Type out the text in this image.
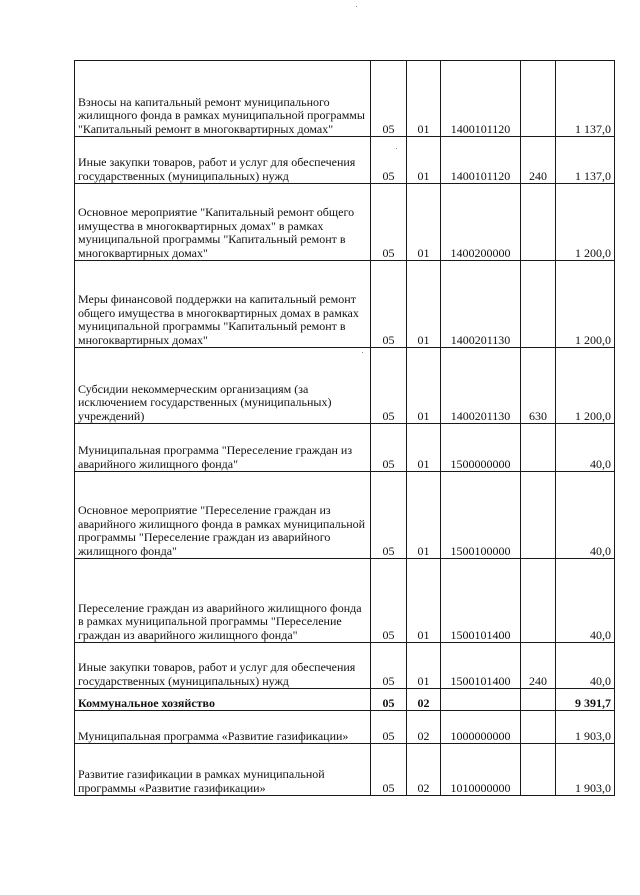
Взносы на капитальный ремонт муниципального жилищного фонда в рамках муниципальной программы "Капитальный ремонт в многоквартирных домах"	05	01	1400101120		1 137,0
Иные закупки товаров, работ и услуг для обеспечения государственных (муниципальных) нужд	05	01	1400101120	240	1 137,0
Основное мероприятие "Капитальный ремонт общего имущества в многоквартирных домах" в рамках муниципальной программы "Капитальный ремонт в многоквартирных домах"	05	01	1400200000		1 200,0
Меры финансовой поддержки на капитальный ремонт общего имущества в многоквартирных домах в рамках муниципальной программы "Капитальный ремонт в многоквартирных домах"	05	01	1400201130		1 200,0
Субсидии некоммерческим организациям (за исключением государственных (муниципальных) учреждений)	05	01	1400201130	630	1 200,0
Муниципальная программа "Переселение граждан из аварийного жилищного фонда"	05	01	1500000000		40,0
Основное мероприятие "Переселение граждан из аварийного жилищного фонда в рамках муниципальной программы "Переселение граждан из аварийного жилищного фонда"	05	01	1500100000		40,0
Переселение граждан из аварийного жилищного фонда в рамках муниципальной программы "Переселение граждан из аварийного жилищного фонда"	05	01	1500101400		40,0
Иные закупки товаров, работ и услуг для обеспечения государственных (муниципальных) нужд	05	01	1500101400	240	40,0
Коммунальное хозяйство	05	02			9 391,7
Муниципальная программа «Развитие газификации»	05	02	1000000000		1 903,0
Развитие газификации в рамках муниципальной программы «Развитие газификации»	05	02	1010000000		1 903,0
